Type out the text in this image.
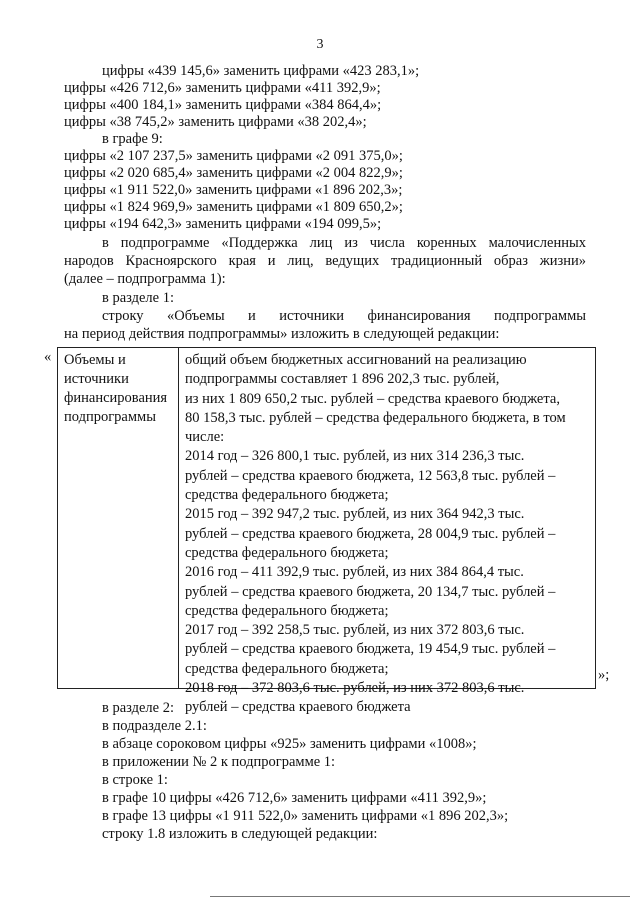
3
цифры «439 145,6» заменить цифрами «423 283,1»;
цифры «426 712,6» заменить цифрами «411 392,9»;
цифры «400 184,1» заменить цифрами «384 864,4»;
цифры «38 745,2» заменить цифрами «38 202,4»;
в графе 9:
цифры «2 107 237,5» заменить цифрами «2 091 375,0»;
цифры «2 020 685,4» заменить цифрами «2 004 822,9»;
цифры «1 911 522,0» заменить цифрами «1 896 202,3»;
цифры «1 824 969,9» заменить цифрами «1 809 650,2»;
цифры «194 642,3» заменить цифрами «194 099,5»;
в подпрограмме «Поддержка лиц из числа коренных малочисленных
народов Красноярского края и лиц, ведущих традиционный образ жизни»
(далее – подпрограмма 1):
в разделе 1:
строку «Объемы и источники финансирования подпрограммы
на период действия подпрограммы» изложить в следующей редакции:
« Объемы и
источники
финансирования
подпрограммы
общий объем бюджетных ассигнований на реализацию
подпрограммы составляет 1 896 202,3 тыс. рублей,
из них 1 809 650,2 тыс. рублей – средства краевого бюджета,
80 158,3 тыс. рублей – средства федерального бюджета, в том
числе:
2014 год – 326 800,1 тыс. рублей, из них 314 236,3 тыс.
рублей – средства краевого бюджета, 12 563,8 тыс. рублей –
средства федерального бюджета;
2015 год – 392 947,2 тыс. рублей, из них 364 942,3 тыс.
рублей – средства краевого бюджета, 28 004,9 тыс. рублей –
средства федерального бюджета;
2016 год – 411 392,9 тыс. рублей, из них 384 864,4 тыс.
рублей – средства краевого бюджета, 20 134,7 тыс. рублей –
средства федерального бюджета;
2017 год – 392 258,5 тыс. рублей, из них 372 803,6 тыс.
рублей – средства краевого бюджета, 19 454,9 тыс. рублей –
средства федерального бюджета;
2018 год – 372 803,6 тыс. рублей, из них 372 803,6 тыс.
рублей – средства краевого бюджета
»;
в разделе 2:
в подразделе 2.1:
в абзаце сороковом цифры «925» заменить цифрами «1008»;
в приложении № 2 к подпрограмме 1:
в строке 1:
в графе 10 цифры «426 712,6» заменить цифрами «411 392,9»;
в графе 13 цифры «1 911 522,0» заменить цифрами «1 896 202,3»;
строку 1.8 изложить в следующей редакции:
